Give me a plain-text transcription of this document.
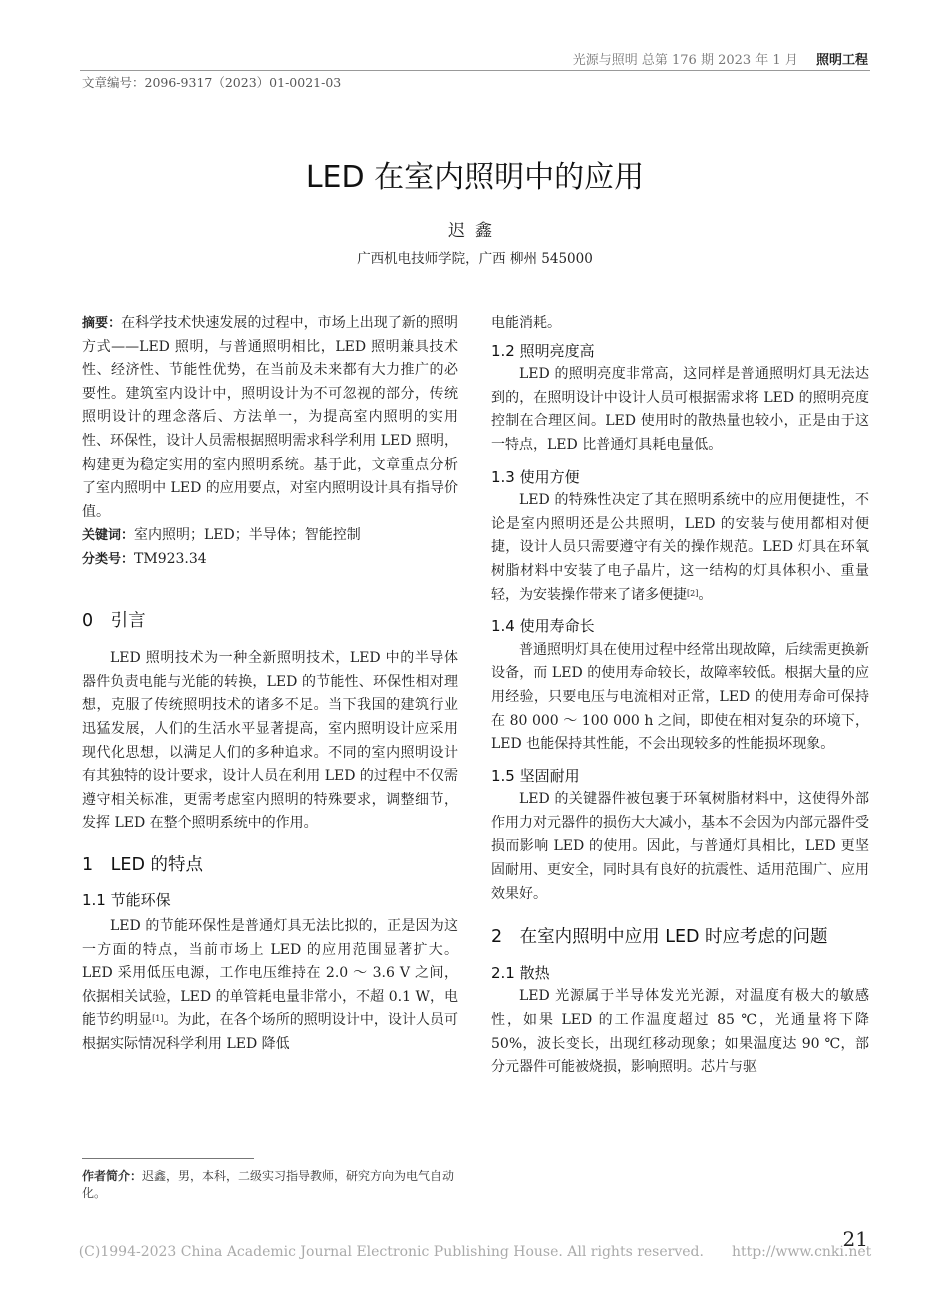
光源与照明 总第 176 期 2023 年 1 月 照明工程
文章编号：2096-9317（2023）01-0021-03
LED 在室内照明中的应用
迟鑫
广西机电技师学院，广西 柳州 545000

摘要：在科学技术快速发展的过程中，市场上出现了新的照明方式——LED 照明，与普通照明相比，LED 照明兼具技术性、经济性、节能性优势，在当前及未来都有大力推广的必要性。建筑室内设计中，照明设计为不可忽视的部分，传统照明设计的理念落后、方法单一，为提高室内照明的实用性、环保性，设计人员需根据照明需求科学利用 LED 照明，构建更为稳定实用的室内照明系统。基于此，文章重点分析了室内照明中 LED 的应用要点，对室内照明设计具有指导价值。

关键词：室内照明；LED；半导体；智能控制

分类号：TM923.34

0　引言

LED 照明技术为一种全新照明技术，LED 中的半导体器件负责电能与光能的转换，LED 的节能性、环保性相对理想，克服了传统照明技术的诸多不足。当下我国的建筑行业迅猛发展，人们的生活水平显著提高，室内照明设计应采用现代化思想，以满足人们的多种追求。不同的室内照明设计有其独特的设计要求，设计人员在利用 LED 的过程中不仅需遵守相关标准，更需考虑室内照明的特殊要求，调整细节，发挥 LED 在整个照明系统中的作用。

1　LED 的特点
1.1 节能环保

LED 的节能环保性是普通灯具无法比拟的，正是因为这一方面的特点，当前市场上 LED 的应用范围显著扩大。LED 采用低压电源，工作电压维持在 2.0 ～ 3.6 V 之间，依据相关试验，LED 的单管耗电量非常小，不超 0.1 W，电能节约明显[1]。为此，在各个场所的照明设计中，设计人员可根据实际情况科学利用 LED 降低

作者简介：迟鑫，男，本科，二级实习指导教师，研究方向为电气自动化。

电能消耗。

1.2 照明亮度高

LED 的照明亮度非常高，这同样是普通照明灯具无法达到的，在照明设计中设计人员可根据需求将 LED 的照明亮度控制在合理区间。LED 使用时的散热量也较小，正是由于这一特点，LED 比普通灯具耗电量低。

1.3 使用方便

LED 的特殊性决定了其在照明系统中的应用便捷性，不论是室内照明还是公共照明，LED 的安装与使用都相对便捷，设计人员只需要遵守有关的操作规范。LED 灯具在环氧树脂材料中安装了电子晶片，这一结构的灯具体积小、重量轻，为安装操作带来了诸多便捷[2]。

1.4 使用寿命长

普通照明灯具在使用过程中经常出现故障，后续需更换新设备，而 LED 的使用寿命较长，故障率较低。根据大量的应用经验，只要电压与电流相对正常，LED 的使用寿命可保持在 80 000 ～ 100 000 h 之间，即使在相对复杂的环境下，LED 也能保持其性能，不会出现较多的性能损坏现象。

1.5 坚固耐用

LED 的关键器件被包裹于环氧树脂材料中，这使得外部作用力对元器件的损伤大大减小，基本不会因为内部元器件受损而影响 LED 的使用。因此，与普通灯具相比，LED 更坚固耐用、更安全，同时具有良好的抗震性、适用范围广、应用效果好。

2　在室内照明中应用 LED 时应考虑的问题
2.1 散热

LED 光源属于半导体发光光源，对温度有极大的敏感性，如果 LED 的工作温度超过 85 ℃，光通量将下降 50%，波长变长，出现红移动现象；如果温度达 90 ℃，部分元器件可能被烧损，影响照明。芯片与驱

21
(C)1994-2023 China Academic Journal Electronic Publishing House. All rights reserved.　　http://www.cnki.net
